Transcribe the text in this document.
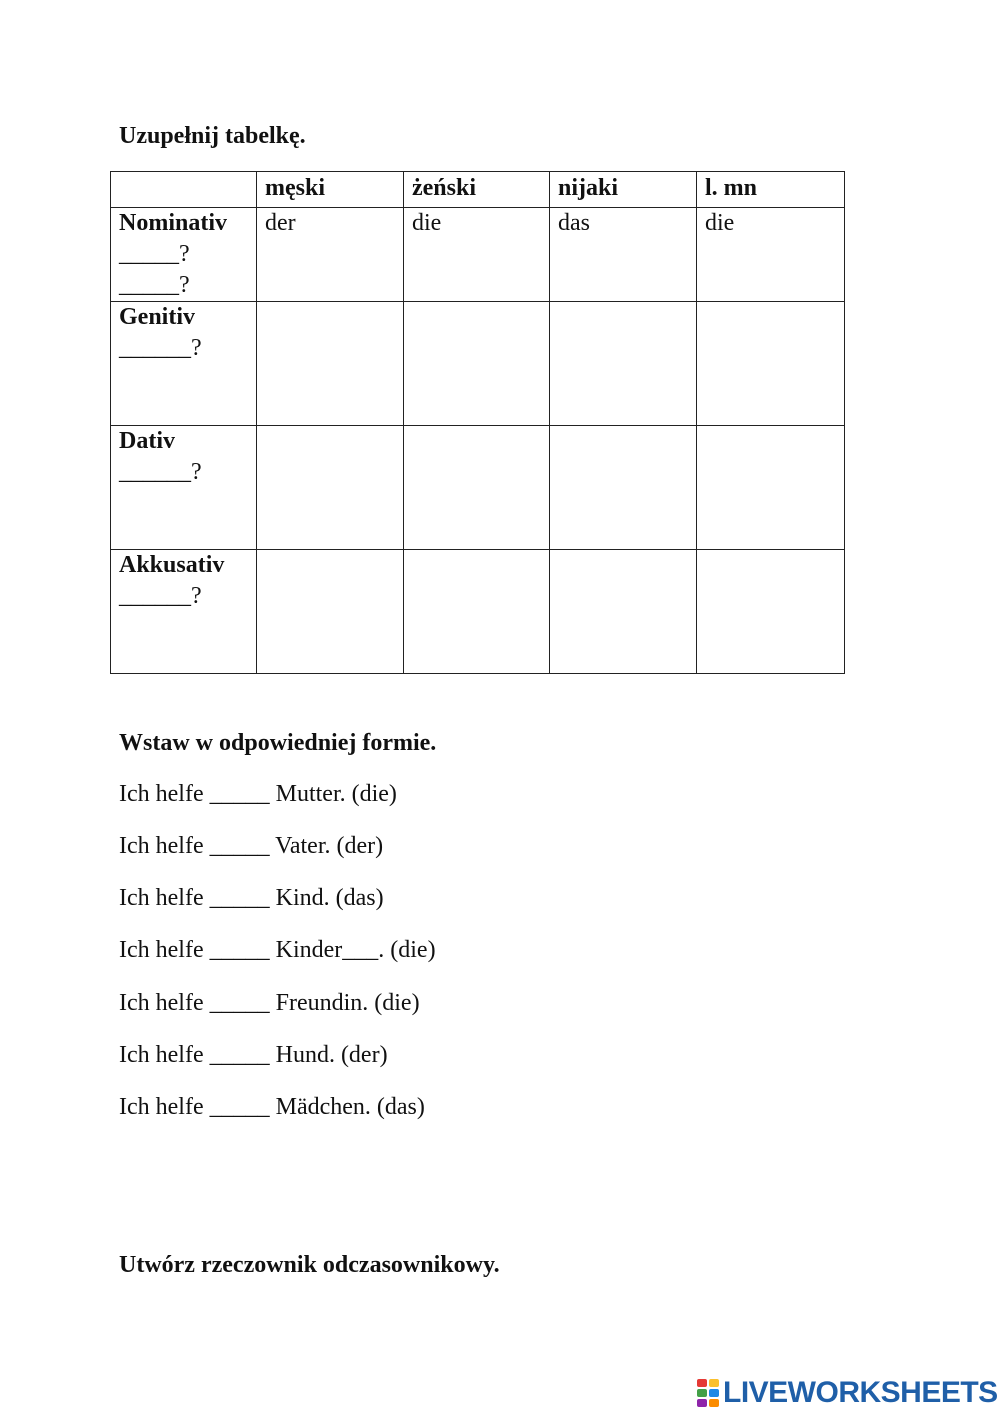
Uzupełnij tabelkę.
	męski	żeński	nijaki	l. mn

Nominativ
_____?
_____?	der	die	das	die

Genitiv
______?				

Dativ
______?				

Akkusativ
______?				

Wstaw w odpowiedniej formie.

Ich helfe _____ Mutter. (die)

Ich helfe _____ Vater. (der)

Ich helfe _____ Kind. (das)

Ich helfe _____ Kinder___. (die)

Ich helfe _____ Freundin. (die)

Ich helfe _____ Hund. (der)

Ich helfe _____ Mädchen. (das)

Utwórz rzeczownik odczasownikowy.
LIVEWORKSHEETS
